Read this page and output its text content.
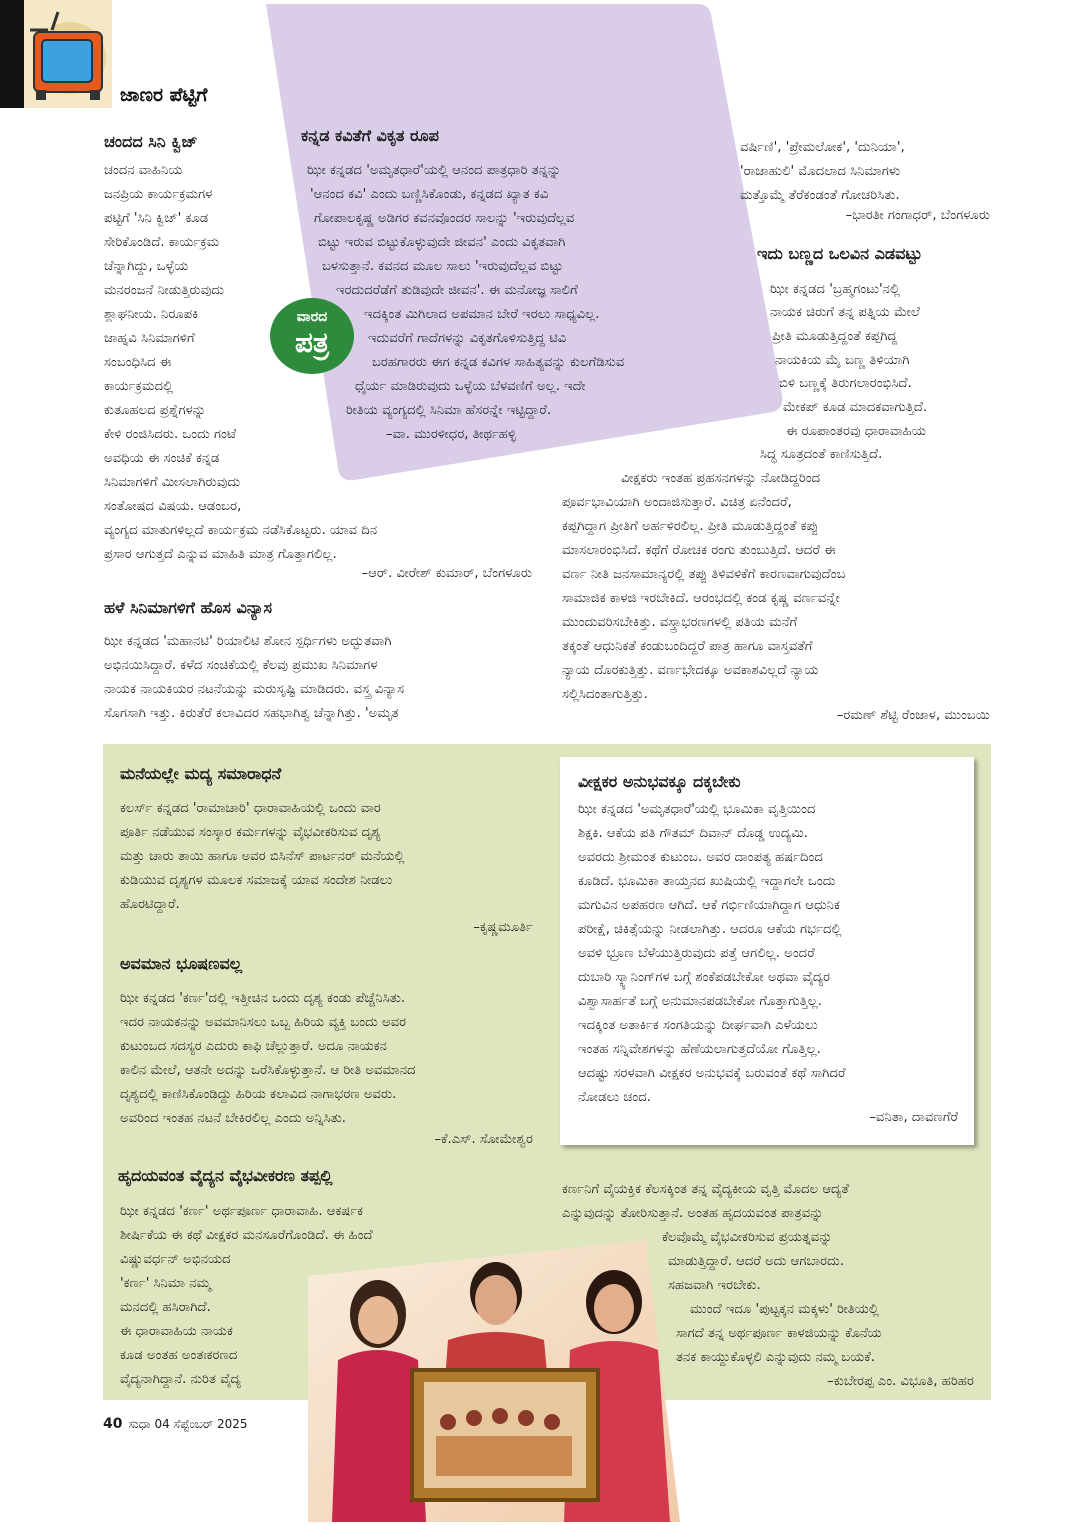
ಜಾಣರ ಪೆಟ್ಟಿಗೆ
ವಾರದ
ಪತ್ರ
ಚಂದದ ಸಿನಿ ಕ್ವಿಜ್
ಚಂದನ ವಾಹಿನಿಯ
ಜನಪ್ರಿಯ ಕಾರ್ಯಕ್ರಮಗಳ
ಪಟ್ಟಿಗೆ 'ಸಿನಿ ಕ್ವಿಜ್' ಕೂಡ
ಸೇರಿಕೊಂಡಿದೆ. ಕಾರ್ಯಕ್ರಮ
ಚೆನ್ನಾಗಿದ್ದು, ಒಳ್ಳೆಯ
ಮನರಂಜನೆ ನೀಡುತ್ತಿರುವುದು
ಶ್ಲಾಘನೀಯ. ನಿರೂಪಕಿ
ಜಾಹ್ನವಿ ಸಿನಿಮಾಗಳಿಗೆ
ಸಂಬಂಧಿಸಿದ ಈ
ಕಾರ್ಯಕ್ರಮದಲ್ಲಿ
ಕುತೂಹಲದ ಪ್ರಶ್ನೆಗಳನ್ನು
ಕೇಳಿ ರಂಜಿಸಿದರು. ಒಂದು ಗಂಟೆ
ಅವಧಿಯ ಈ ಸಂಚಿಕೆ ಕನ್ನಡ
ಸಿನಿಮಾಗಳಿಗೆ ಮೀಸಲಾಗಿರುವುದು
ಸಂತೋಷದ ವಿಷಯ. ಆಡಂಬರ,
ವ್ಯಂಗ್ಯದ ಮಾತುಗಳಿಲ್ಲದೆ ಕಾರ್ಯಕ್ರಮ ನಡೆಸಿಕೊಟ್ಟರು. ಯಾವ ದಿನ
ಪ್ರಸಾರ ಆಗುತ್ತದೆ ಎನ್ನುವ ಮಾಹಿತಿ ಮಾತ್ರ ಗೊತ್ತಾಗಲಿಲ್ಲ.
–ಆರ್. ವೀರೇಶ್ ಕುಮಾರ್, ಬೆಂಗಳೂರು
ಕನ್ನಡ ಕವಿತೆಗೆ ವಿಕೃತ ರೂಪ
ಝೀ ಕನ್ನಡದ 'ಅಮೃತಧಾರೆ'ಯಲ್ಲಿ ಆನಂದ ಪಾತ್ರಧಾರಿ ತನ್ನನ್ನು
'ಆನಂದ ಕವಿ' ಎಂದು ಬಣ್ಣಿಸಿಕೊಂಡು, ಕನ್ನಡದ ಖ್ಯಾತ ಕವಿ
ಗೋಪಾಲಕೃಷ್ಣ ಅಡಿಗರ ಕವನವೊಂದರ ಸಾಲನ್ನು 'ಇರುವುದೆಲ್ಲವ
ಬಿಟ್ಟು ಇರುವ ಬಿಟ್ಟುಕೊಳ್ಳುವುದೇ ಜೀವನ' ಎಂದು ವಿಕೃತವಾಗಿ
ಬಳಸುತ್ತಾನೆ. ಕವನದ ಮೂಲ ಸಾಲು 'ಇರುವುದೆಲ್ಲವ ಬಿಟ್ಟು
ಇರದುದರೆಡೆಗೆ ತುಡಿವುದೇ ಜೀವನ'. ಈ ಮನೋಜ್ಞ ಸಾಲಿಗೆ
ಇದಕ್ಕಿಂತ ಮಿಗಿಲಾದ ಅಪಮಾನ ಬೇರೆ ಇರಲು ಸಾಧ್ಯವಿಲ್ಲ.
ಇದುವರೆಗೆ ಗಾದೆಗಳನ್ನು ವಿಕೃತಗೊಳಿಸುತ್ತಿದ್ದ ಟಿವಿ
ಬರಹಗಾರರು ಈಗ ಕನ್ನಡ ಕವಿಗಳ ಸಾಹಿತ್ಯವನ್ನು ಕುಲಗೆಡಿಸುವ
ಧೈರ್ಯ ಮಾಡಿರುವುದು ಒಳ್ಳೆಯ ಬೆಳವಣಿಗೆ ಅಲ್ಲ. ಇದೇ
ರೀತಿಯ ವ್ಯಂಗ್ಯದಲ್ಲಿ ಸಿನಿಮಾ ಹೆಸರನ್ನೇ ಇಟ್ಟಿದ್ದಾರೆ.
–ವಾ. ಮುರಳೀಧರ, ತೀರ್ಥಹಳ್ಳಿ
ವರ್ಷಿಣಿ', 'ಪ್ರೇಮಲೋಕ', 'ದುನಿಯಾ',
'ರಾಜಾಹುಲಿ' ಮೊದಲಾದ ಸಿನಿಮಾಗಳು
ಮತ್ತೊಮ್ಮೆ ತೆರೆಕಂಡಂತೆ ಗೋಚರಿಸಿತು.
–ಭಾರತೀ ಗಂಗಾಧರ್, ಬೆಂಗಳೂರು
ಇದು ಬಣ್ಣದ ಒಲವಿನ ಎಡವಟ್ಟು
ಝೀ ಕನ್ನಡದ 'ಬ್ರಹ್ಮಗಂಟು'ನಲ್ಲಿ
ನಾಯಕ ಚಿರುಗೆ ತನ್ನ ಪತ್ನಿಯ ಮೇಲೆ
ಪ್ರೀತಿ ಮೂಡುತ್ತಿದ್ದಂತೆ ಕಪ್ಪಗಿದ್ದ
ನಾಯಕಿಯ ಮೈ ಬಣ್ಣ ತಿಳಿಯಾಗಿ
ಬಿಳಿ ಬಣ್ಣಕ್ಕೆ ತಿರುಗಲಾರಂಭಿಸಿದೆ.
ಮೇಕಪ್ ಕೂಡ ಮಾದಕವಾಗುತ್ತಿದೆ.
ಈ ರೂಪಾಂತರವು ಧಾರಾವಾಹಿಯ
ಸಿದ್ಧ ಸೂತ್ರದಂತೆ ಕಾಣಿಸುತ್ತಿದೆ.
ವೀಕ್ಷಕರು ಇಂತಹ ಪ್ರಹಸನಗಳನ್ನು ನೋಡಿದ್ದರಿಂದ
ಪೂರ್ವಭಾವಿಯಾಗಿ ಅಂದಾಜಿಸುತ್ತಾರೆ. ವಿಚಿತ್ರ ಏನೆಂದರೆ,
ಕಪ್ಪಗಿದ್ದಾಗ ಪ್ರೀತಿಗೆ ಅರ್ಹಳಿರಲಿಲ್ಲ. ಪ್ರೀತಿ ಮೂಡುತ್ತಿದ್ದಂತೆ ಕಪ್ಪು
ಮಾಸಲಾರಂಭಿಸಿದೆ. ಕಥೆಗೆ ರೋಚಕ ರಂಗು ತುಂಬುತ್ತಿದೆ. ಆದರೆ ಈ
ವರ್ಣ ನೀತಿ ಜನಸಾಮಾನ್ಯರಲ್ಲಿ ತಪ್ಪು ತಿಳಿವಳಿಕೆಗೆ ಕಾರಣವಾಗುವುದೆಂಬ
ಸಾಮಾಜಿಕ ಕಾಳಜಿ ಇರಬೇಕಿದೆ. ಆರಂಭದಲ್ಲಿ ಕಂಡ ಕೃಷ್ಣ ವರ್ಣವನ್ನೇ
ಮುಂದುವರಿಸಬೇಕಿತ್ತು. ವಸ್ತ್ರಾಭರಣಗಳಲ್ಲಿ ಪತಿಯ ಮನೆಗೆ
ತಕ್ಕಂತೆ ಆಧುನಿಕತೆ ಕಂಡುಬಂದಿದ್ದರೆ ಪಾತ್ರ ಹಾಗೂ ವಾಸ್ತವತೆಗೆ
ನ್ಯಾಯ ದೊರಕುತ್ತಿತ್ತು. ವರ್ಣಭೇದಕ್ಕೂ ಅವಕಾಶವಿಲ್ಲದೆ ನ್ಯಾಯ
ಸಲ್ಲಿಸಿದಂತಾಗುತ್ತಿತ್ತು.
–ರಮಣ್ ಶೆಟ್ಟಿ ರೆಂಜಾಳ, ಮುಂಬಯಿ
ಹಳೆ ಸಿನಿಮಾಗಳಿಗೆ ಹೊಸ ವಿನ್ಯಾಸ
ಝೀ ಕನ್ನಡದ 'ಮಹಾನಟಿ' ರಿಯಾಲಿಟಿ ಶೋನ ಸ್ಪರ್ಧಿಗಳು ಅದ್ಭುತವಾಗಿ
ಅಭಿನಯಿಸಿದ್ದಾರೆ. ಕಳೆದ ಸಂಚಿಕೆಯಲ್ಲಿ ಕೆಲವು ಪ್ರಮುಖ ಸಿನಿಮಾಗಳ
ನಾಯಕ ನಾಯಕಿಯರ ನಟನೆಯನ್ನು ಮರುಸೃಷ್ಟಿ ಮಾಡಿದರು. ವಸ್ತ್ರ ವಿನ್ಯಾಸ
ಸೊಗಸಾಗಿ ಇತ್ತು. ಕಿರುತೆರೆ ಕಲಾವಿದರ ಸಹಭಾಗಿತ್ವ ಚೆನ್ನಾಗಿತ್ತು. 'ಅಮೃತ
ಮನೆಯಲ್ಲೇ ಮದ್ಯ ಸಮಾರಾಧನೆ
ಕಲರ್ಸ್ ಕನ್ನಡದ 'ರಾಮಾಚಾರಿ' ಧಾರಾವಾಹಿಯಲ್ಲಿ ಒಂದು ವಾರ
ಪೂರ್ತಿ ನಡೆಯುವ ಸಂಸ್ಕಾರ ಕರ್ಮಗಳನ್ನು ವೈಭವೀಕರಿಸುವ ದೃಶ್ಯ
ಮತ್ತು ಚಾರು ತಾಯಿ ಹಾಗೂ ಅವರ ಬಿಸಿನೆಸ್ ಪಾರ್ಟನರ್ ಮನೆಯಲ್ಲಿ
ಕುಡಿಯುವ ದೃಶ್ಯಗಳ ಮೂಲಕ ಸಮಾಜಕ್ಕೆ ಯಾವ ಸಂದೇಶ ನೀಡಲು
ಹೊರಟಿದ್ದಾರೆ.
–ಕೃಷ್ಣಮೂರ್ತಿ
ಅವಮಾನ ಭೂಷಣವಲ್ಲ
ಝೀ ಕನ್ನಡದ 'ಕರ್ಣ'ದಲ್ಲಿ ಇತ್ತೀಚಿನ ಒಂದು ದೃಶ್ಯ ಕಂಡು ಪೆಚ್ಚೆನಿಸಿತು.
ಇದರ ನಾಯಕನನ್ನು ಅವಮಾನಿಸಲು ಒಬ್ಬ ಹಿರಿಯ ವ್ಯಕ್ತಿ ಬಂದು ಅವರ
ಕುಟುಂಬದ ಸದಸ್ಯರ ಎದುರು ಕಾಫಿ ಚೆಲ್ಲುತ್ತಾರೆ. ಅದೂ ನಾಯಕನ
ಕಾಲಿನ ಮೇಲೆ, ಆತನೇ ಅದನ್ನು ಒರೆಸಿಕೊಳ್ಳುತ್ತಾನೆ. ಆ ರೀತಿ ಅವಮಾನದ
ದೃಶ್ಯದಲ್ಲಿ ಕಾಣಿಸಿಕೊಂಡಿದ್ದು ಹಿರಿಯ ಕಲಾವಿದ ನಾಗಾಭರಣ ಅವರು.
ಅವರಿಂದ ಇಂತಹ ನಟನೆ ಬೇಕಿರಲಿಲ್ಲ ಎಂದು ಅನ್ನಿಸಿತು.
–ಕೆ.ಎಸ್. ಸೋಮೇಶ್ವರ
ಹೃದಯವಂತ ವೈದ್ಯನ ವೈಭವೀಕರಣ ತಪ್ಪಲ್ಲಿ
ಝೀ ಕನ್ನಡದ 'ಕರ್ಣ' ಅರ್ಥಪೂರ್ಣ ಧಾರಾವಾಹಿ. ಆಕರ್ಷಕ
ಶೀರ್ಷಿಕೆಯ ಈ ಕಥೆ ವೀಕ್ಷಕರ ಮನಸೂರೆಗೊಂಡಿದೆ. ಈ ಹಿಂದೆ
ವಿಷ್ಣುವರ್ಧನ್ ಅಭಿನಯದ
'ಕರ್ಣ' ಸಿನಿಮಾ ನಮ್ಮ
ಮನದಲ್ಲಿ ಹಸಿರಾಗಿದೆ.
ಈ ಧಾರಾವಾಹಿಯ ನಾಯಕ
ಕೂಡ ಅಂತಹ ಅಂತಃಕರಣದ
ವೈದ್ಯನಾಗಿದ್ದಾನೆ. ನುರಿತ ವೈದ್ಯ
ಕರ್ಣನಿಗೆ ವೈಯಕ್ತಿಕ ಕೆಲಸಕ್ಕಿಂತ ತನ್ನ ವೈದ್ಯಕೀಯ ವೃತ್ತಿ ಮೊದಲ ಆದ್ಯತೆ
ಎನ್ನುವುದನ್ನು ತೋರಿಸುತ್ತಾನೆ. ಅಂತಹ ಹೃದಯವಂತ ಪಾತ್ರವನ್ನು
ಕೆಲವೊಮ್ಮೆ ವೈಭವೀಕರಿಸುವ ಪ್ರಯತ್ನವನ್ನು
ಮಾಡುತ್ತಿದ್ದಾರೆ. ಆದರೆ ಅದು ಆಗಬಾರದು.
ಸಹಜವಾಗಿ ಇರಬೇಕು.
ಮುಂದೆ ಇದೂ 'ಪುಟ್ಟಕ್ಕನ ಮಕ್ಕಳು' ರೀತಿಯಲ್ಲಿ
ಸಾಗದೆ ತನ್ನ ಅರ್ಥಪೂರ್ಣ ಕಾಳಜಿಯನ್ನು ಕೊನೆಯ
ತನಕ ಕಾಯ್ದುಕೊಳ್ಳಲಿ ಎನ್ನುವುದು ನಮ್ಮ ಬಯಕೆ.
–ಕುಬೇರಪ್ಪ ಎಂ. ವಿಭೂತಿ, ಹರಿಹರ
ವೀಕ್ಷಕರ ಅನುಭವಕ್ಕೂ ದಕ್ಕಬೇಕು
ಝೀ ಕನ್ನಡದ 'ಅಮೃತಧಾರೆ'ಯಲ್ಲಿ ಭೂಮಿಕಾ ವೃತ್ತಿಯಿಂದ
ಶಿಕ್ಷಕಿ. ಆಕೆಯ ಪತಿ ಗೌತಮ್ ದಿವಾನ್ ದೊಡ್ಡ ಉದ್ಯಮಿ.
ಅವರದು ಶ್ರೀಮಂತ ಕುಟುಂಬ. ಅವರ ದಾಂಪತ್ಯ ಹರ್ಷದಿಂದ
ಕೂಡಿದೆ. ಭೂಮಿಕಾ ತಾಯ್ತನದ ಖುಷಿಯಲ್ಲಿ ಇದ್ದಾಗಲೇ ಒಂದು
ಮಗುವಿನ ಅಪಹರಣ ಆಗಿದೆ. ಆಕೆ ಗರ್ಭಿಣಿಯಾಗಿದ್ದಾಗ ಆಧುನಿಕ
ಪರೀಕ್ಷೆ, ಚಿಕಿತ್ಸೆಯನ್ನು ನೀಡಲಾಗಿತ್ತು. ಆದರೂ ಆಕೆಯ ಗರ್ಭದಲ್ಲಿ
ಅವಳಿ ಭ್ರೂಣ ಬೆಳೆಯುತ್ತಿರುವುದು ಪತ್ತೆ ಆಗಲಿಲ್ಲ. ಅಂದರೆ
ದುಬಾರಿ ಸ್ಕ್ಯಾನಿಂಗ್‌ಗಳ ಬಗ್ಗೆ ಶಂಕೆಪಡಬೇಕೋ ಅಥವಾ ವೈದ್ಯರ
ವಿಶ್ವಾಸಾರ್ಹತೆ ಬಗ್ಗೆ ಅನುಮಾನಪಡಬೇಕೋ ಗೊತ್ತಾಗುತ್ತಿಲ್ಲ.
ಇದಕ್ಕಿಂತ ಅತಾರ್ಕಿಕ ಸಂಗತಿಯನ್ನು ದೀರ್ಘವಾಗಿ ಎಳೆಯಲು
ಇಂತಹ ಸನ್ನಿವೇಶಗಳನ್ನು ಹೆಣೆಯಲಾಗುತ್ತದೆಯೋ ಗೊತ್ತಿಲ್ಲ.
ಆದಷ್ಟು ಸರಳವಾಗಿ ವೀಕ್ಷಕರ ಅನುಭವಕ್ಕೆ ಬರುವಂತೆ ಕಥೆ ಸಾಗಿದರೆ
ನೋಡಲು ಚಂದ.
–ವನಿತಾ, ದಾವಣಗೆರೆ
40 ಸುಧಾ 04 ಸೆಪ್ಟೆಂಬರ್ 2025
